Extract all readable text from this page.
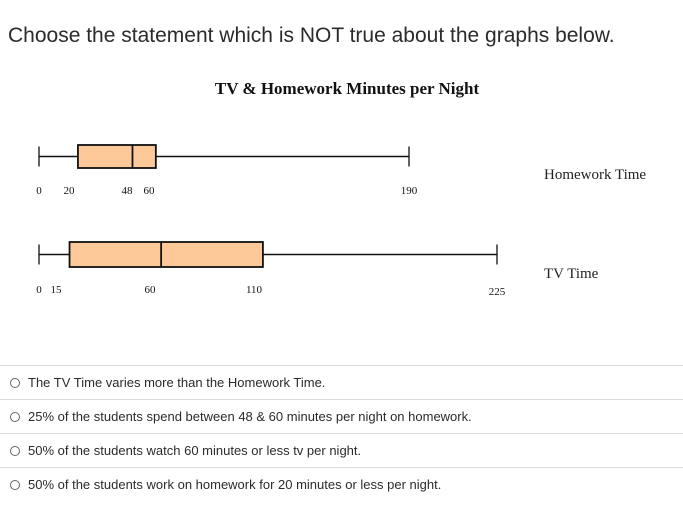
Choose the statement which is NOT true about the graphs below.
TV & Homework Minutes per Night
0 20	48 60	190
Homework Time
0 15	60	110	225
TV Time
The TV Time varies more than the Homework Time.
25% of the students spend between 48 & 60 minutes per night on homework.
50% of the students watch 60 minutes or less tv per night.
50% of the students work on homework for 20 minutes or less per night.
